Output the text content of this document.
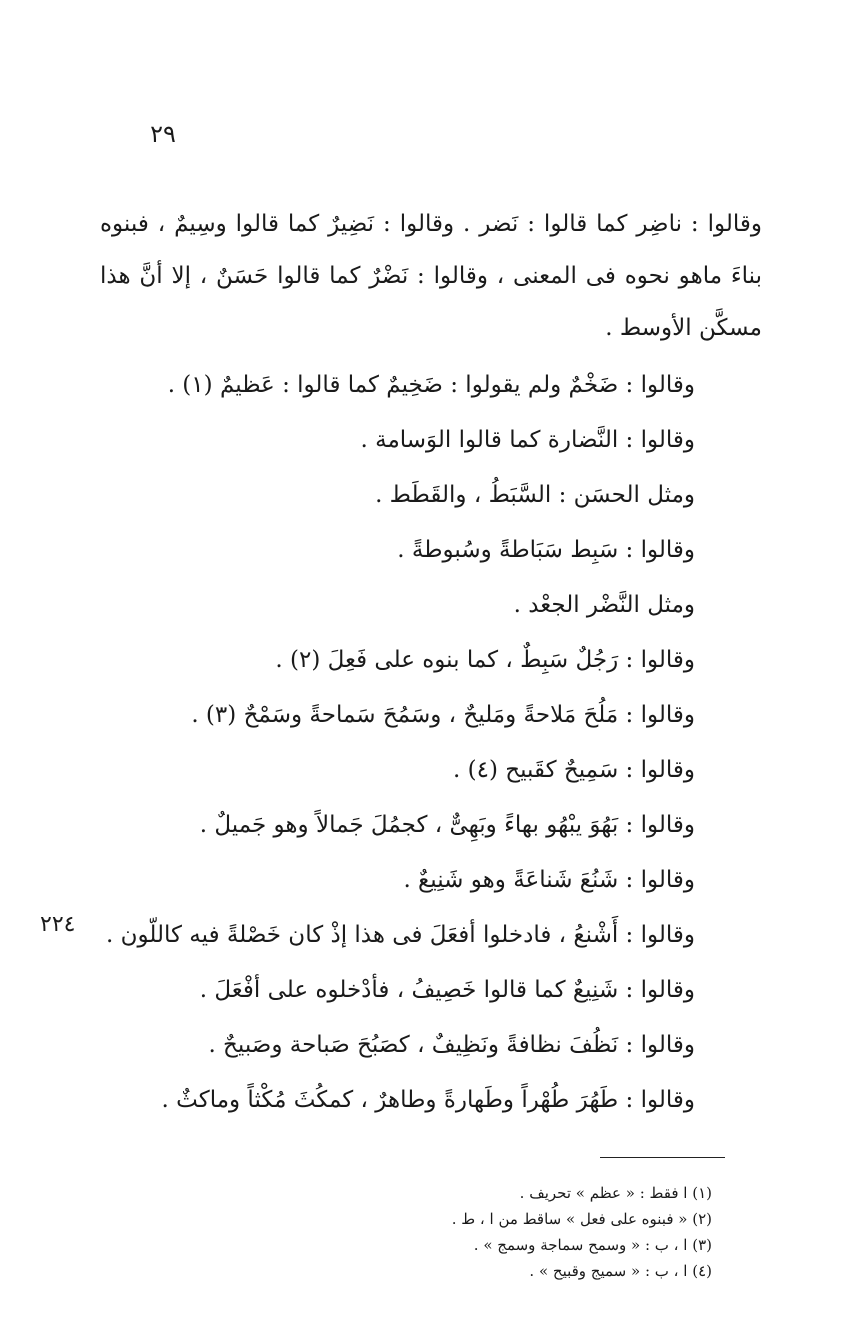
٢٩

وقالوا : ناضِر كما قالوا : نَضر . وقالوا : نَضِيرٌ كما قالوا وسِيمٌ ، فبنوه بناءَ ماهو نحوه فى المعنى ، وقالوا : نَضْرٌ كما قالوا حَسَنٌ ، إلا أنَّ هذا مسكَّن الأوسط .

وقالوا : ضَخْمٌ ولم يقولوا : ضَخِيمٌ كما قالوا : عَظيمٌ (١) .
وقالوا : النَّضارة كما قالوا الوَسامة .
ومثل الحسَن : السَّبَطُ ، والقَطَط .
وقالوا : سَبِط سَبَاطةً وسُبوطةً .
ومثل النَّضْر الجعْد .
وقالوا : رَجُلٌ سَبِطٌ ، كما بنوه على فَعِلَ (٢) .
وقالوا : مَلُحَ مَلاحةً ومَليحٌ ، وسَمُحَ سَماحةً وسَمْحٌ (٣) .
وقالوا : سَمِيحٌ كقَبيح (٤) .
وقالوا : بَهُوَ يبْهُو بهاءً وبَهِىٌّ ، كجمُلَ جَمالاً وهو جَميلٌ .
وقالوا : شَنُعَ شَناعَةً وهو شَنِيعٌ .
وقالوا : أَشْنعُ ، فادخلوا أفعَلَ فى هذا إذْ كان خَصْلةً فيه كاللّون .
وقالوا : شَنِيعٌ كما قالوا خَصِيفُ ، فأدْخلوه على أفْعَلَ .
وقالوا : نَظُفَ نظافةً ونَظِيفٌ ، كصَبُحَ صَباحة وصَبيحٌ .
وقالوا : طَهُرَ طُهْراً وطَهارةً وطاهرٌ ، كمكُثَ مُكْثاً وماكثٌ .
٢٢٤
(١) ا فقط : « عظم » تحريف .
(٢) « فبنوه على فعل » ساقط من ا ، ط .
(٣) ا ، ب : « وسمح سماجة وسمج » .
(٤) ا ، ب : « سميج وقبيح » .
